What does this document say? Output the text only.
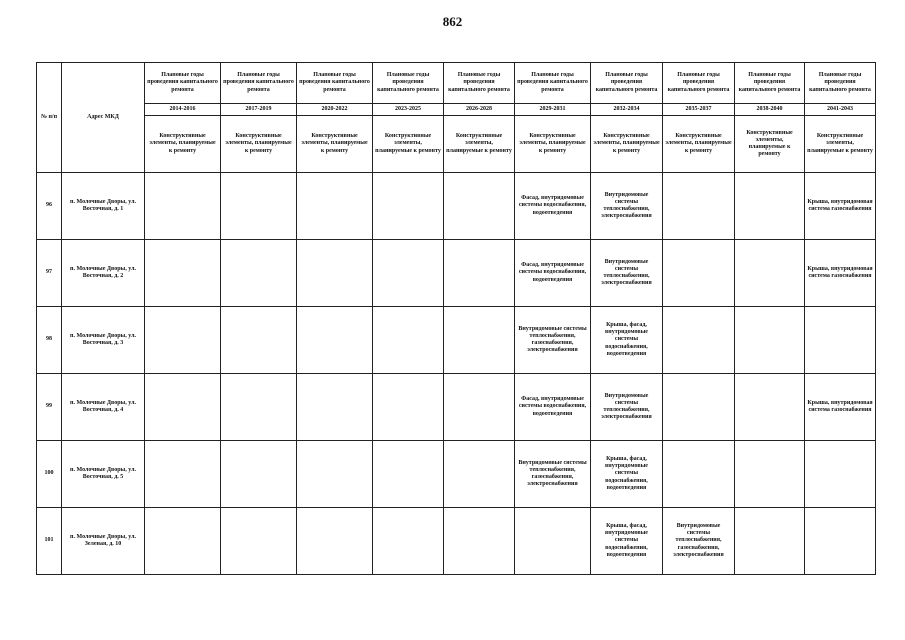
862
№ п/п	Адрес МКД	Плановые годы проведения капитального ремонта	Плановые годы проведения капитального ремонта	Плановые годы проведения капитального ремонта	Плановые годы проведения капитального ремонта	Плановые годы проведения капитального ремонта	Плановые годы проведения капитального ремонта	Плановые годы проведения капитального ремонта	Плановые годы проведения капитального ремонта	Плановые годы проведения капитального ремонта	Плановые годы проведения капитального ремонта
		2014-2016	2017-2019	2020-2022	2023-2025	2026-2028	2029-2031	2032-2034	2035-2037	2038-2040	2041-2043
		Конструктивные элементы, планируемые к ремонту	Конструктивные элементы, планируемые к ремонту	Конструктивные элементы, планируемые к ремонту	Конструктивные элементы, планируемые к ремонту	Конструктивные элементы, планируемые к ремонту	Конструктивные элементы, планируемые к ремонту	Конструктивные элементы, планируемые к ремонту	Конструктивные элементы, планируемые к ремонту	Конструктивные элементы, планируемые к ремонту	Конструктивные элементы, планируемые к ремонту
96	п. Молочные Дворы, ул. Восточная, д. 1						Фасад, внутридомовые системы водоснабжения, водоотведения	Внутридомовые системы теплоснабжения, электроснабжения			Крыша, внутридомовая система газоснабжения
97	п. Молочные Дворы, ул. Восточная, д. 2						Фасад, внутридомовые системы водоснабжения, водоотведения	Внутридомовые системы теплоснабжения, электроснабжения			Крыша, внутридомовая система газоснабжения
98	п. Молочные Дворы, ул. Восточная, д. 3						Внутридомовые системы теплоснабжения, газоснабжения, электроснабжения	Крыша, фасад, внутридомовые системы водоснабжения, водоотведения			
99	п. Молочные Дворы, ул. Восточная, д. 4						Фасад, внутридомовые системы водоснабжения, водоотведения	Внутридомовые системы теплоснабжения, электроснабжения			Крыша, внутридомовая система газоснабжения
100	п. Молочные Дворы, ул. Восточная, д. 5						Внутридомовые системы теплоснабжения, газоснабжения, электроснабжения	Крыша, фасад, внутридомовые системы водоснабжения, водоотведения			
101	п. Молочные Дворы, ул. Зеленая, д. 10							Крыша, фасад, внутридомовые системы водоснабжения, водоотведения	Внутридомовые системы теплоснабжения, газоснабжения, электроснабжения		
